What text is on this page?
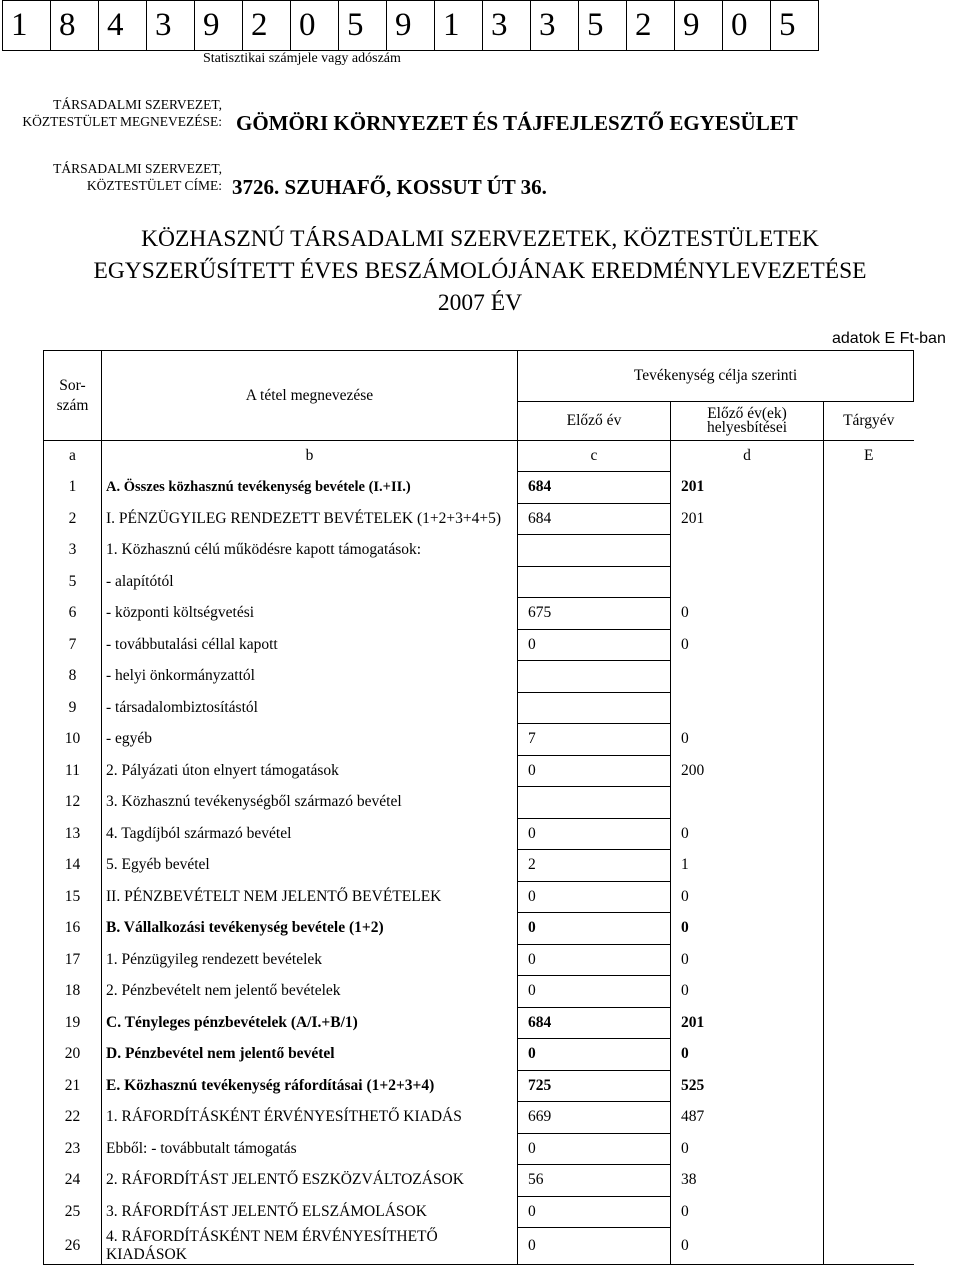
1 8 4 3 9 2 0 5 9 1 3 3 5 2 9 0 5
Statisztikai számjele vagy adószám
TÁRSADALMI SZERVEZET,
KÖZTESTÜLET MEGNEVEZÉSE: GÖMÖRI KÖRNYEZET ÉS TÁJFEJLESZTŐ EGYESÜLET
TÁRSADALMI SZERVEZET,
KÖZTESTÜLET CÍME: 3726. SZUHAFŐ, KOSSUT ÚT 36.
KÖZHASZNÚ TÁRSADALMI SZERVEZETEK, KÖZTESTÜLETEK
EGYSZERŰSÍTETT ÉVES BESZÁMOLÓJÁNAK EREDMÉNYLEVEZETÉSE
2007 ÉV
adatok E Ft-ban
Sor-
szám	A tétel megnevezése	Tevékenység célja szerinti		
		Előző év	Előző év(ek) helyesbítései	Tárgyév
a	b	c	d	E
1	A. Összes közhasznú tevékenység bevétele (I.+II.)	684	201	
2	I. PÉNZÜGYILEG RENDEZETT BEVÉTELEK (1+2+3+4+5)	684	201	
3	1. Közhasznú célú működésre kapott támogatások:			
5	- alapítótól			
6	- központi költségvetési	675	0	
7	- továbbutalási céllal kapott	0	0	
8	- helyi önkormányzattól			
9	- társadalombiztosítástól			
10	- egyéb	7	0	
11	2. Pályázati úton elnyert támogatások	0	200	
12	3. Közhasznú tevékenységből származó bevétel			
13	4. Tagdíjból származó bevétel	0	0	
14	5. Egyéb bevétel	2	1	
15	II. PÉNZBEVÉTELT NEM JELENTŐ BEVÉTELEK	0	0	
16	B. Vállalkozási tevékenység bevétele (1+2)	0	0	
17	1. Pénzügyileg rendezett bevételek	0	0	
18	2. Pénzbevételt nem jelentő bevételek	0	0	
19	C. Tényleges pénzbevételek (A/I.+B/1)	684	201	
20	D. Pénzbevétel nem jelentő bevétel	0	0	
21	E. Közhasznú tevékenység ráfordításai (1+2+3+4)	725	525	
22	1. RÁFORDÍTÁSKÉNT ÉRVÉNYESÍTHETŐ KIADÁS	669	487	
23	Ebből: - továbbutalt támogatás	0	0	
24	2. RÁFORDÍTÁST JELENTŐ ESZKÖZVÁLTOZÁSOK	56	38	
25	3. RÁFORDÍTÁST JELENTŐ ELSZÁMOLÁSOK	0	0	
26	4. RÁFORDÍTÁSKÉNT NEM ÉRVÉNYESÍTHETŐ KIADÁSOK	0	0	
